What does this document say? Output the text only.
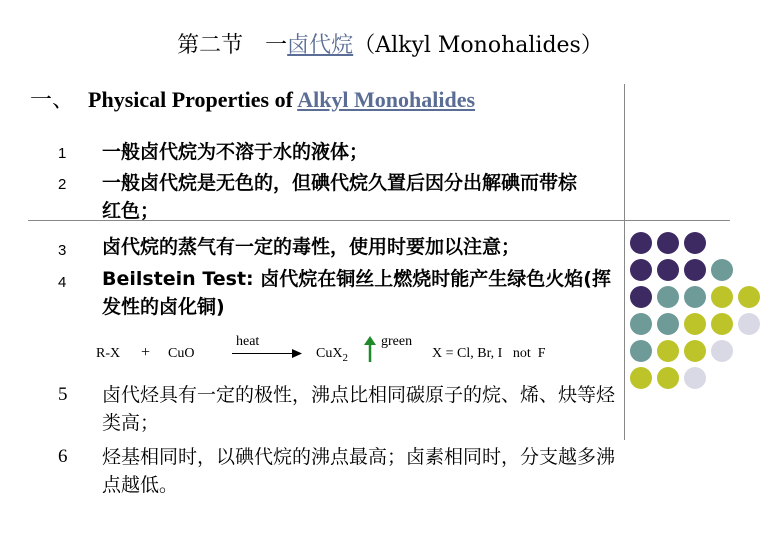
第二节　一卤代烷（Alkyl Monohalides）
一、 Physical Properties of Alkyl Monohalides
1	一般卤代烷为不溶于水的液体；
2	一般卤代烷是无色的，但碘代烷久置后因分出解碘而带棕
红色；
3	卤代烷的蒸气有一定的毒性，使用时要加以注意；
4	Beilstein Test: 卤代烷在铜丝上燃烧时能产生绿色火焰(挥
发性的卤化铜)
R-X + CuO
heat
CuX$_2$
green
X = Cl, Br, I   not  F
5	卤代烃具有一定的极性，沸点比相同碳原子的烷、烯、炔等烃
类高；
6	烃基相同时，以碘代烷的沸点最高；卤素相同时，分支越多沸
点越低。
